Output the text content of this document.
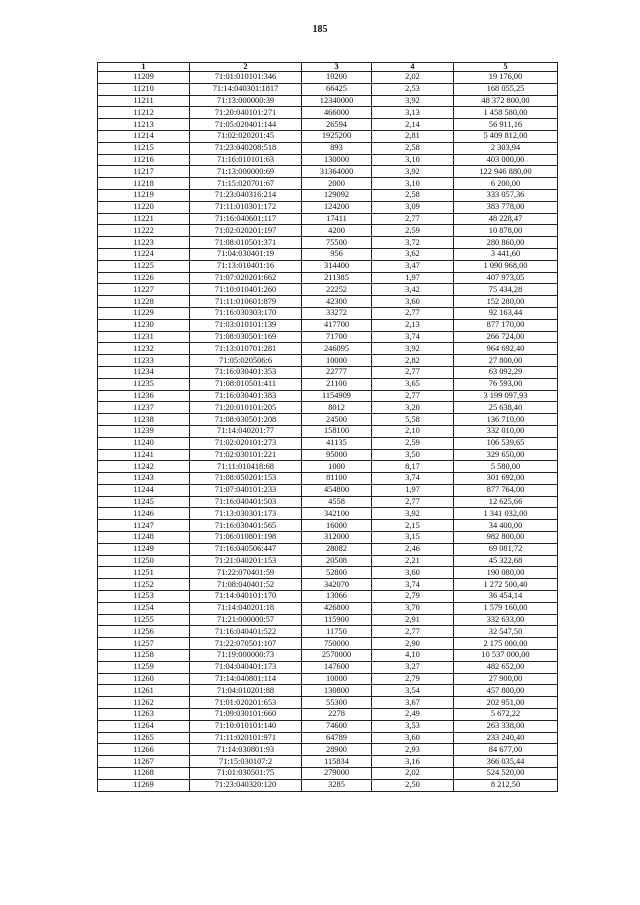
185
1	2	3	4	5
11209	71:01:010101:346	10200	2,02	19 176,00
11210	71:14:040301:1817	66425	2,53	168 055,25
11211	71:13:000000:39	12340000	3,92	48 372 800,00
11212	71:20:040101:271	466000	3,13	1 458 580,00
11213	71:05:020401:144	26594	2,14	56 911,16
11214	71:02:020201:45	1925200	2,81	5 409 812,00
11215	71:23:040208:518	893	2,58	2 303,94
11216	71:16:010101:63	130000	3,10	403 000,00
11217	71:13:000000:69	31364000	3,92	122 946 880,00
11218	71:15:020701:67	2000	3,10	6 200,00
11219	71:23:040316:214	129092	2,58	333 057,36
11220	71:11:010301:172	124200	3,09	383 778,00
11221	71:16:040601:117	17411	2,77	48 228,47
11222	71:02:020201:197	4200	2,59	10 878,00
11223	71:08:010501:371	75500	3,72	280 860,00
11224	71:04:030401:19	956	3,62	3 441,60
11225	71:13:010401:16	314400	3,47	1 090 968,00
11226	71:07:020201:662	211385	1,97	407 973,05
11227	71:10:010401:260	22252	3,42	75 434,28
11228	71:11:010601:879	42300	3,60	152 280,00
11229	71:16:030303:170	33272	2,77	92 163,44
11230	71:03:010101:139	417700	2,13	877 170,00
11231	71:08:030501:169	71700	3,74	266 724,00
11232	71:13:010701:281	246095	3,92	964 692,40
11233	71:05:020506:6	10000	2,82	27 800,00
11234	71:16:030401:353	22777	2,77	63 092,29
11235	71:08:010501:411	21100	3,65	76 593,00
11236	71:16:030401:383	1154909	2,77	3 199 097,93
11237	71:20:010101:205	8012	3,20	25 638,40
11238	71:08:030501:208	24500	5,58	136 710,00
11239	71:14:040201:77	158100	2,10	332 010,00
11240	71:02:020101:273	41135	2,59	106 539,65
11241	71:02:030101:221	95000	3,50	329 650,00
11242	71:11:010418:68	1000	8,17	5 580,00
11243	71:08:050201:153	81100	3,74	301 692,00
11244	71:07:040101:233	454800	1,97	877 764,00
11245	71:16:040401:503	4558	2,77	12 625,66
11246	71:13:030301:173	342100	3,92	1 341 032,00
11247	71:16:030401:565	16000	2,15	34 400,00
11248	71:06:010801:198	312000	3,15	982 800,00
11249	71:16:040506:447	28082	2,46	69 081,72
11250	71:21:040201:153	20508	2,21	45 322,68
11251	71:22:070401:59	52800	3,60	190 080,00
11252	71:08:040401:52	342070	3,74	1 272 500,40
11253	71:14:040101:170	13066	2,79	36 454,14
11254	71:14:040201:18	426800	3,70	1 579 160,00
11255	71:21:000000:57	115900	2,91	332 633,00
11256	71:16:040401:522	11750	2,77	32 547,50
11257	71:22:070501:107	750000	2,90	2 175 000,00
11258	71:19:000000:73	2570000	4,10	10 537 000,00
11259	71:04:040401:173	147600	3,27	482 652,00
11260	71:14:040801:114	10000	2,79	27 900,00
11261	71:04:010201:88	130800	3,54	457 800,00
11262	71:01:020201:653	55300	3,67	202 951,00
11263	71:09:030101:660	2278	2,49	5 672,22
11264	71:10:010101:140	74600	3,53	263 338,00
11265	71:11:020101:971	64789	3,60	233 240,40
11266	71:14:030801:93	28900	2,93	84 677,00
11267	71:15:030107:2	115834	3,16	366 035,44
11268	71:01:030501:75	279000	2,02	524 520,00
11269	71:23:040320:120	3285	2,50	8 212,50
